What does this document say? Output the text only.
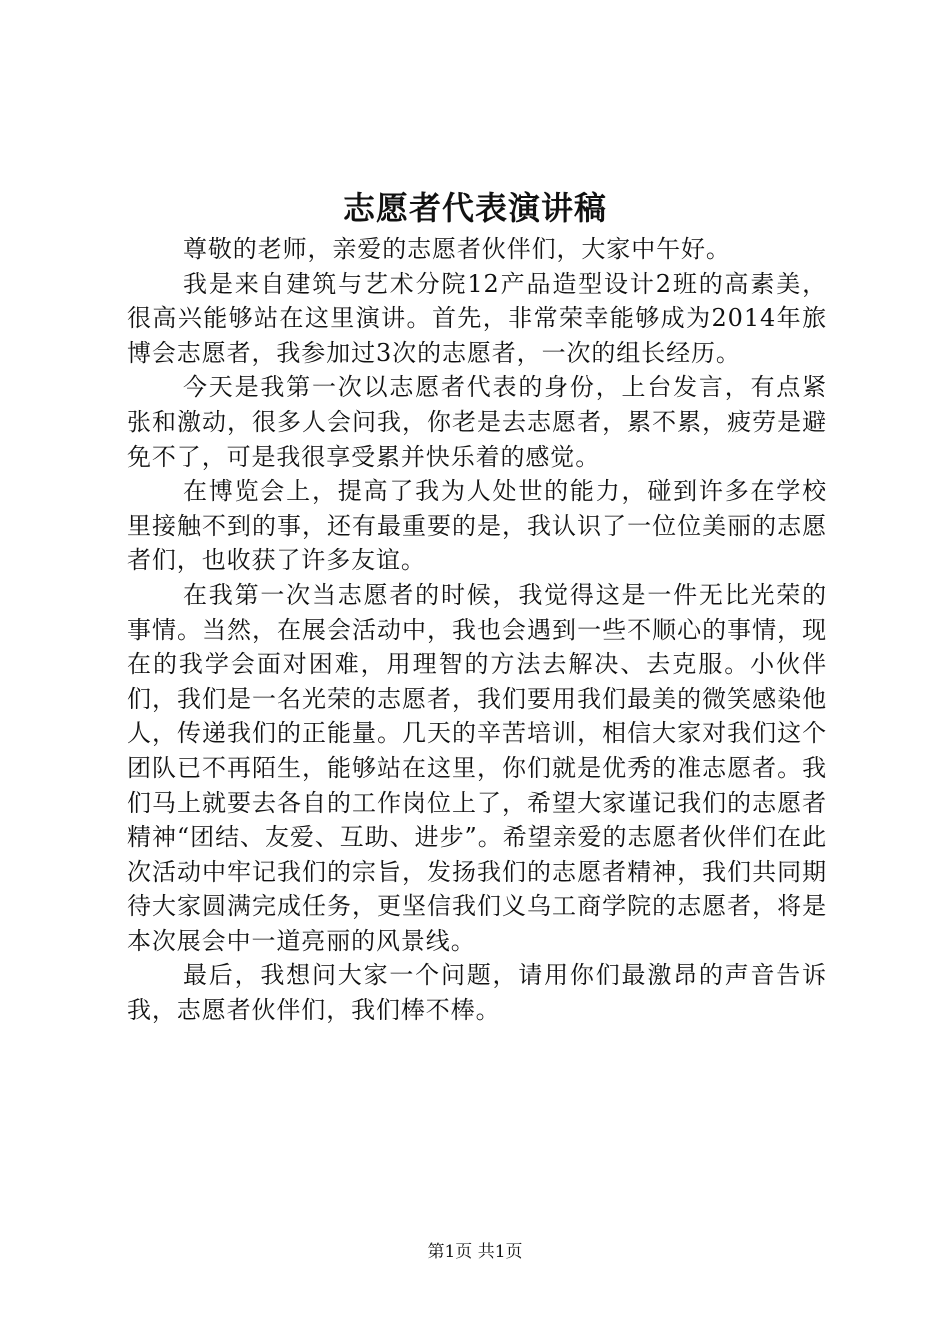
志愿者代表演讲稿

尊敬的老师，亲爱的志愿者伙伴们，大家中午好。

我是来自建筑与艺术分院12产品造型设计2班的高素美，很高兴能够站在这里演讲。首先，非常荣幸能够成为2014年旅博会志愿者，我参加过3次的志愿者，一次的组长经历。

今天是我第一次以志愿者代表的身份，上台发言，有点紧张和激动，很多人会问我，你老是去志愿者，累不累，疲劳是避免不了，可是我很享受累并快乐着的感觉。

在博览会上，提高了我为人处世的能力，碰到许多在学校里接触不到的事，还有最重要的是，我认识了一位位美丽的志愿者们，也收获了许多友谊。

在我第一次当志愿者的时候，我觉得这是一件无比光荣的事情。当然，在展会活动中，我也会遇到一些不顺心的事情，现在的我学会面对困难，用理智的方法去解决、去克服。小伙伴们，我们是一名光荣的志愿者，我们要用我们最美的微笑感染他人，传递我们的正能量。几天的辛苦培训，相信大家对我们这个团队已不再陌生，能够站在这里，你们就是优秀的准志愿者。我们马上就要去各自的工作岗位上了，希望大家谨记我们的志愿者精神“团结、友爱、互助、进步”。希望亲爱的志愿者伙伴们在此次活动中牢记我们的宗旨，发扬我们的志愿者精神，我们共同期待大家圆满完成任务，更坚信我们义乌工商学院的志愿者，将是本次展会中一道亮丽的风景线。

最后，我想问大家一个问题，请用你们最激昂的声音告诉我，志愿者伙伴们，我们棒不棒。

第1页 共1页
